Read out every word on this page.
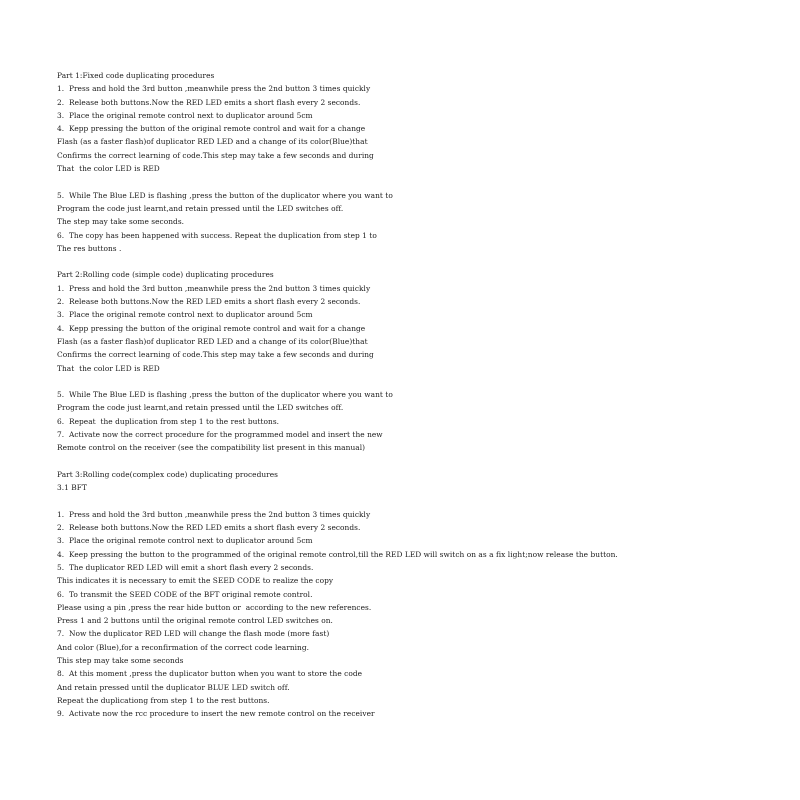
Part 1:Fixed code duplicating procedures
1.  Press and hold the 3rd button ,meanwhile press the 2nd button 3 times quickly
2.  Release both buttons.Now the RED LED emits a short flash every 2 seconds.
3.  Place the original remote control next to duplicator around 5cm
4.  Kepp pressing the button of the original remote control and wait for a change
Flash (as a faster flash)of duplicator RED LED and a change of its color(Blue)that
Confirms the correct learning of code.This step may take a few seconds and during
That  the color LED is RED
5.  While The Blue LED is flashing ,press the button of the duplicator where you want to
Program the code just learnt,and retain pressed until the LED switches off.
The step may take some seconds.
6.  The copy has been happened with success. Repeat the duplication from step 1 to
The res buttons .
Part 2:Rolling code (simple code) duplicating procedures
1.  Press and hold the 3rd button ,meanwhile press the 2nd button 3 times quickly
2.  Release both buttons.Now the RED LED emits a short flash every 2 seconds.
3.  Place the original remote control next to duplicator around 5cm
4.  Kepp pressing the button of the original remote control and wait for a change
Flash (as a faster flash)of duplicator RED LED and a change of its color(Blue)that
Confirms the correct learning of code.This step may take a few seconds and during
That  the color LED is RED
5.  While The Blue LED is flashing ,press the button of the duplicator where you want to
Program the code just learnt,and retain pressed until the LED switches off.
6.  Repeat  the duplication from step 1 to the rest buttons.
7.  Activate now the correct procedure for the programmed model and insert the new
Remote control on the receiver (see the compatibility list present in this manual)
Part 3:Rolling code(complex code) duplicating procedures
3.1 BFT
1.  Press and hold the 3rd button ,meanwhile press the 2nd button 3 times quickly
2.  Release both buttons.Now the RED LED emits a short flash every 2 seconds.
3.  Place the original remote control next to duplicator around 5cm
4.  Keep pressing the button to the programmed of the original remote control,till the RED LED will switch on as a fix light;now release the button.
5.  The duplicator RED LED will emit a short flash every 2 seconds.
This indicates it is necessary to emit the SEED CODE to realize the copy
6.  To transmit the SEED CODE of the BFT original remote control.
Please using a pin ,press the rear hide button or  according to the new references.
Press 1 and 2 buttons until the original remote control LED switches on.
7.  Now the duplicator RED LED will change the flash mode (more fast)
And color (Blue),for a reconfirmation of the correct code learning.
This step may take some seconds
8.  At this moment ,press the duplicator button when you want to store the code
And retain pressed until the duplicator BLUE LED switch off.
Repeat the duplicationg from step 1 to the rest buttons.
9.  Activate now the rcc procedure to insert the new remote control on the receiver
